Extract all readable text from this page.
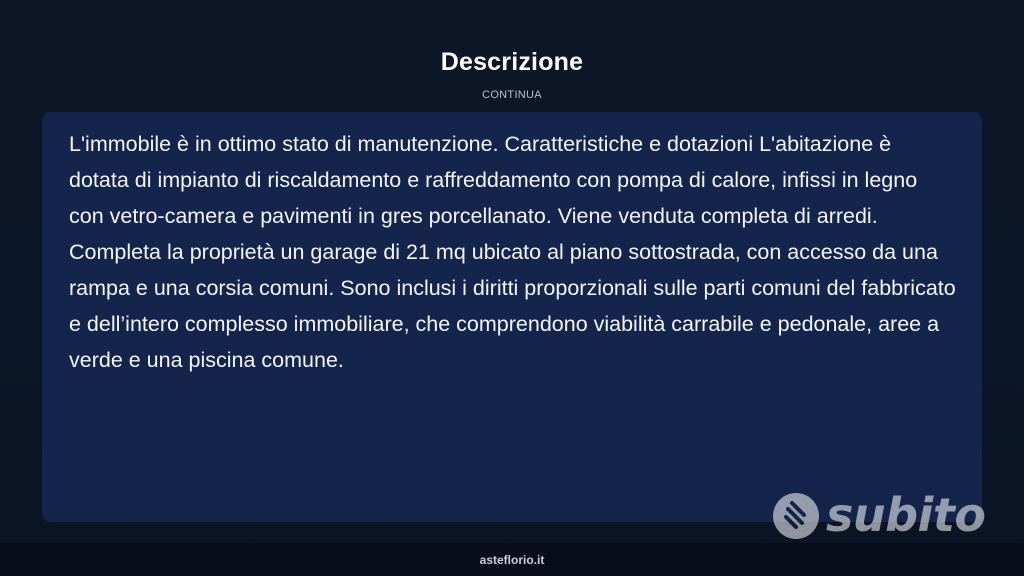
Descrizione
CONTINUA

L'immobile è in ottimo stato di manutenzione. Caratteristiche e dotazioni L'abitazione è dotata di impianto di riscaldamento e raffreddamento con pompa di calore, infissi in legno con vetro-camera e pavimenti in gres porcellanato. Viene venduta completa di arredi. Completa la proprietà un garage di 21 mq ubicato al piano sottostrada, con accesso da una rampa e una corsia comuni. Sono inclusi i diritti proporzionali sulle parti comuni del fabbricato e dell’intero complesso immobiliare, che comprendono viabilità carrabile e pedonale, aree a verde e una piscina comune.

subito
asteflorio.it
